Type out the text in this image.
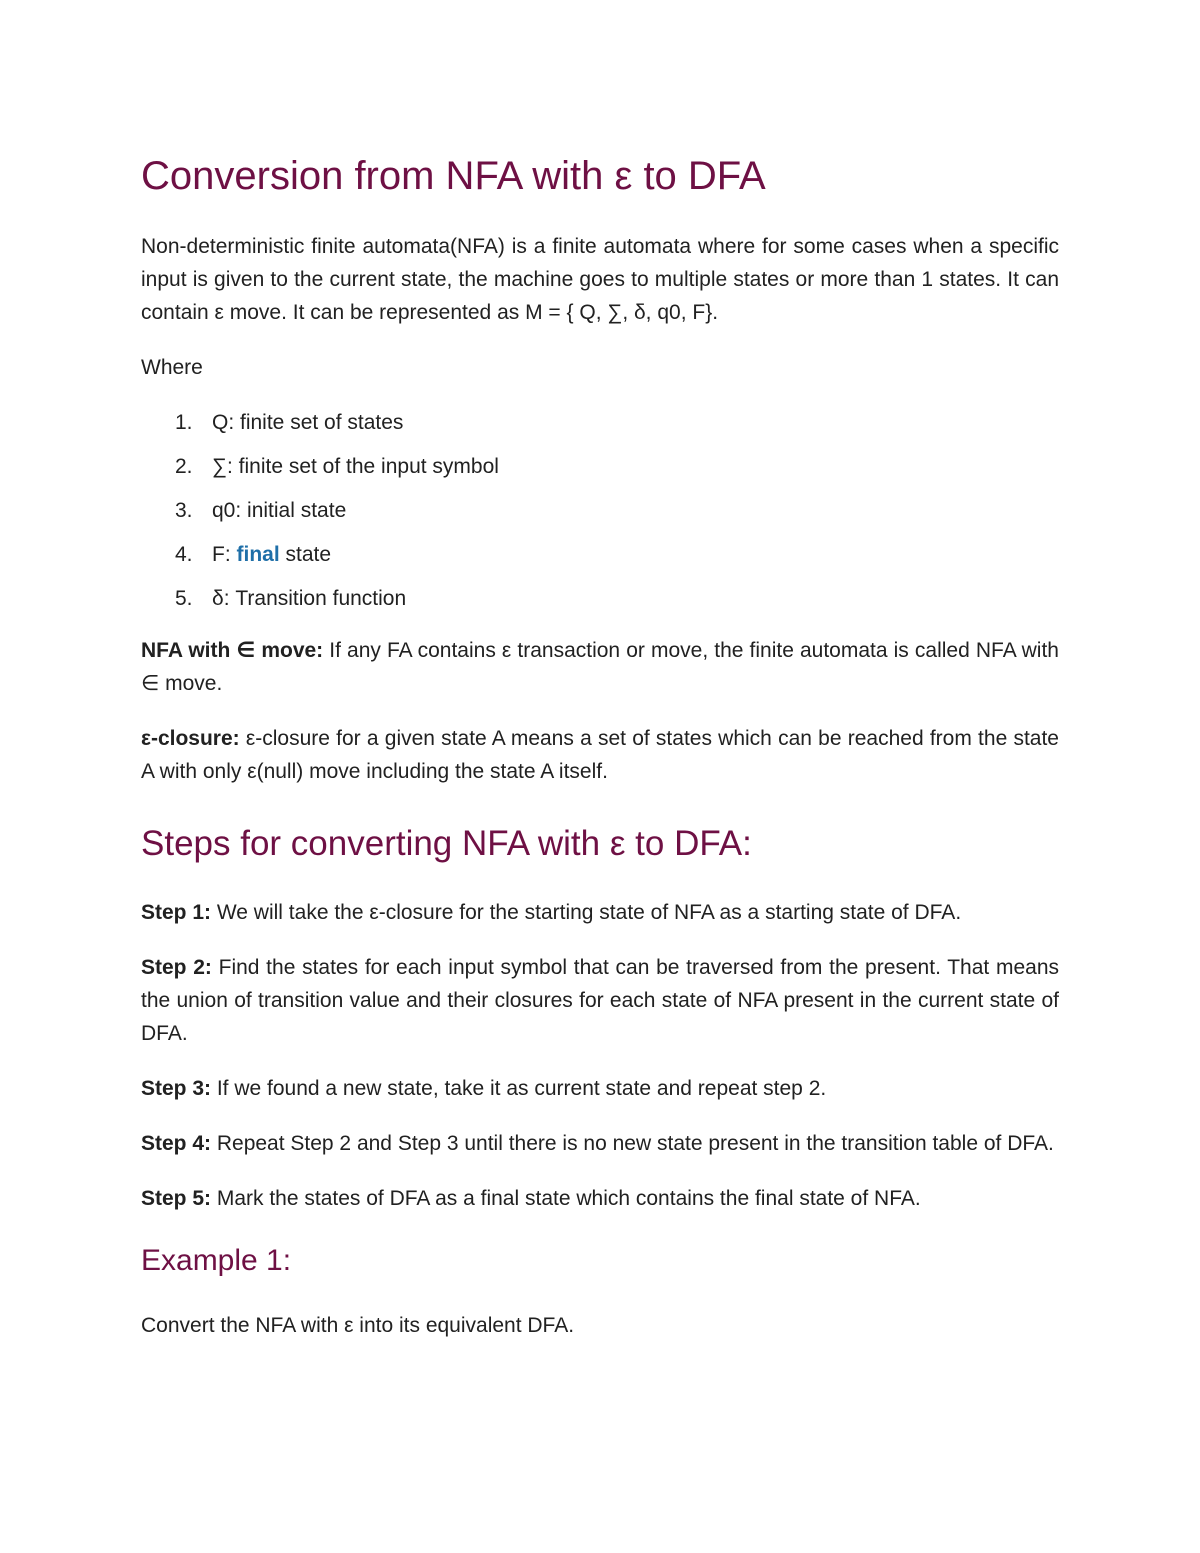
Conversion from NFA with ε to DFA

Non-deterministic finite automata(NFA) is a finite automata where for some cases when a specific input is given to the current state, the machine goes to multiple states or more than 1 states. It can contain ε move. It can be represented as M = { Q, ∑, δ, q0, F}.

Where

1. Q: finite set of states
2. ∑: finite set of the input symbol
3. q0: initial state
4. F: final state
5. δ: Transition function

NFA with ∈ move: If any FA contains ε transaction or move, the finite automata is called NFA with ∈ move.

ε-closure: ε-closure for a given state A means a set of states which can be reached from the state A with only ε(null) move including the state A itself.

Steps for converting NFA with ε to DFA:

Step 1: We will take the ε-closure for the starting state of NFA as a starting state of DFA.

Step 2: Find the states for each input symbol that can be traversed from the present. That means the union of transition value and their closures for each state of NFA present in the current state of DFA.

Step 3: If we found a new state, take it as current state and repeat step 2.

Step 4: Repeat Step 2 and Step 3 until there is no new state present in the transition table of DFA.

Step 5: Mark the states of DFA as a final state which contains the final state of NFA.

Example 1:

Convert the NFA with ε into its equivalent DFA.
